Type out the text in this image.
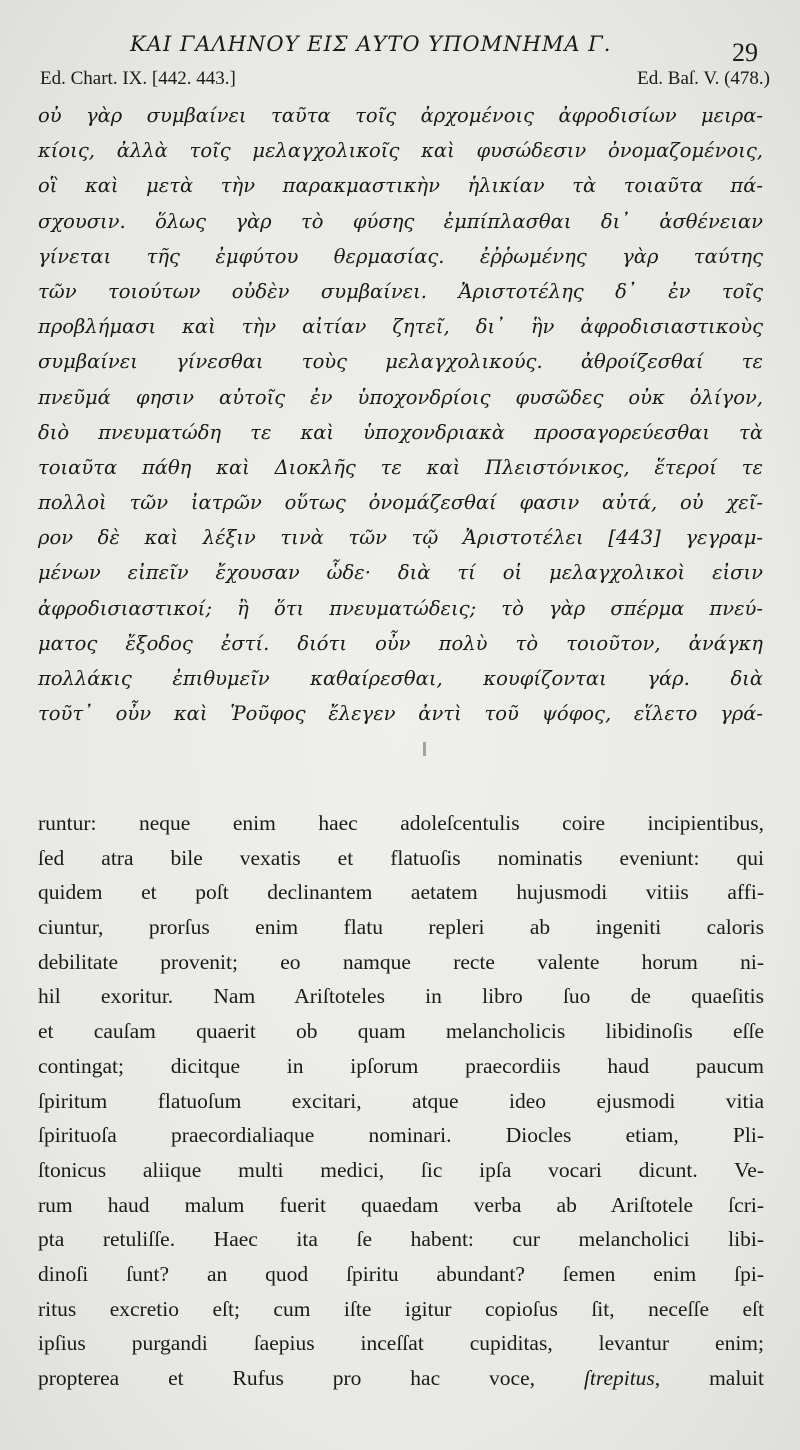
ΚΑΙ ΓΑΛΗΝΟΥ ΕΙΣ ΑΥΤΟ ΥΠΟΜΝΗΜΑ Γ.	29
Ed. Chart. IX. [442. 443.]	Ed. Baſ. V. (478.)
οὐ γὰρ συμβαίνει ταῦτα τοῖς ἀρχομένοις ἀφροδισίων μειρα-
κίοις, ἀλλὰ τοῖς μελαγχολικοῖς καὶ φυσώδεσιν ὀνομαζομένοις,
οἳ καὶ μετὰ τὴν παρακμαστικὴν ἡλικίαν τὰ τοιαῦτα πά-
σχουσιν. ὅλως γὰρ τὸ φύσης ἐμπίπλασθαι δι᾽ ἀσθένειαν
γίνεται τῆς ἐμφύτου θερμασίας. ἐῤῥωμένης γὰρ ταύτης
τῶν τοιούτων οὐδὲν συμβαίνει. Ἀριστοτέλης δ᾽ ἐν τοῖς
προβλήμασι καὶ τὴν αἰτίαν ζητεῖ, δι᾽ ἣν ἀφροδισιαστικοὺς
συμβαίνει γίνεσθαι τοὺς μελαγχολικούς. ἀθροίζεσθαί τε
πνεῦμά φησιν αὐτοῖς ἐν ὑποχονδρίοις φυσῶδες οὐκ ὀλίγον,
διὸ πνευματώδη τε καὶ ὑποχονδριακὰ προσαγορεύεσθαι τὰ
τοιαῦτα πάθη καὶ Διοκλῆς τε καὶ Πλειστόνικος, ἕτεροί τε
πολλοὶ τῶν ἰατρῶν οὕτως ὀνομάζεσθαί φασιν αὐτά, οὐ χεῖ-
ρον δὲ καὶ λέξιν τινὰ τῶν τῷ Ἀριστοτέλει [443] γεγραμ-
μένων εἰπεῖν ἔχουσαν ὧδε· διὰ τί οἱ μελαγχολικοὶ εἰσιν
ἀφροδισιαστικοί; ἢ ὅτι πνευματώδεις; τὸ γὰρ σπέρμα πνεύ-
ματος ἔξοδος ἐστί. διότι οὖν πολὺ τὸ τοιοῦτον, ἀνάγκη
πολλάκις ἐπιθυμεῖν καθαίρεσθαι, κουφίζονται γάρ. διὰ
τοῦτ᾽ οὖν καὶ Ῥοῦφος ἔλεγεν ἀντὶ τοῦ ψόφος, εἵλετο γρά-
runtur: neque enim haec adoleſcentulis coire incipientibus,
ſed atra bile vexatis et flatuoſis nominatis eveniunt: qui
quidem et poſt declinantem aetatem hujusmodi vitiis affi-
ciuntur, prorſus enim flatu repleri ab ingeniti caloris
debilitate provenit; eo namque recte valente horum ni-
hil exoritur. Nam Ariſtoteles in libro ſuo de quaeſitis
et cauſam quaerit ob quam melancholicis libidinoſis eſſe
contingat; dicitque in ipſorum praecordiis haud paucum
ſpiritum flatuoſum excitari, atque ideo ejusmodi vitia
ſpirituoſa praecordialiaque nominari. Diocles etiam, Pli-
ſtonicus aliique multi medici, ſic ipſa vocari dicunt. Ve-
rum haud malum fuerit quaedam verba ab Ariſtotele ſcri-
pta retuliſſe. Haec ita ſe habent: cur melancholici libi-
dinoſi ſunt? an quod ſpiritu abundant? ſemen enim ſpi-
ritus excretio eſt; cum iſte igitur copioſus ſit, neceſſe eſt
ipſius purgandi ſaepius inceſſat cupiditas, levantur enim;
propterea et Rufus pro hac voce, ſtrepitus, maluit
